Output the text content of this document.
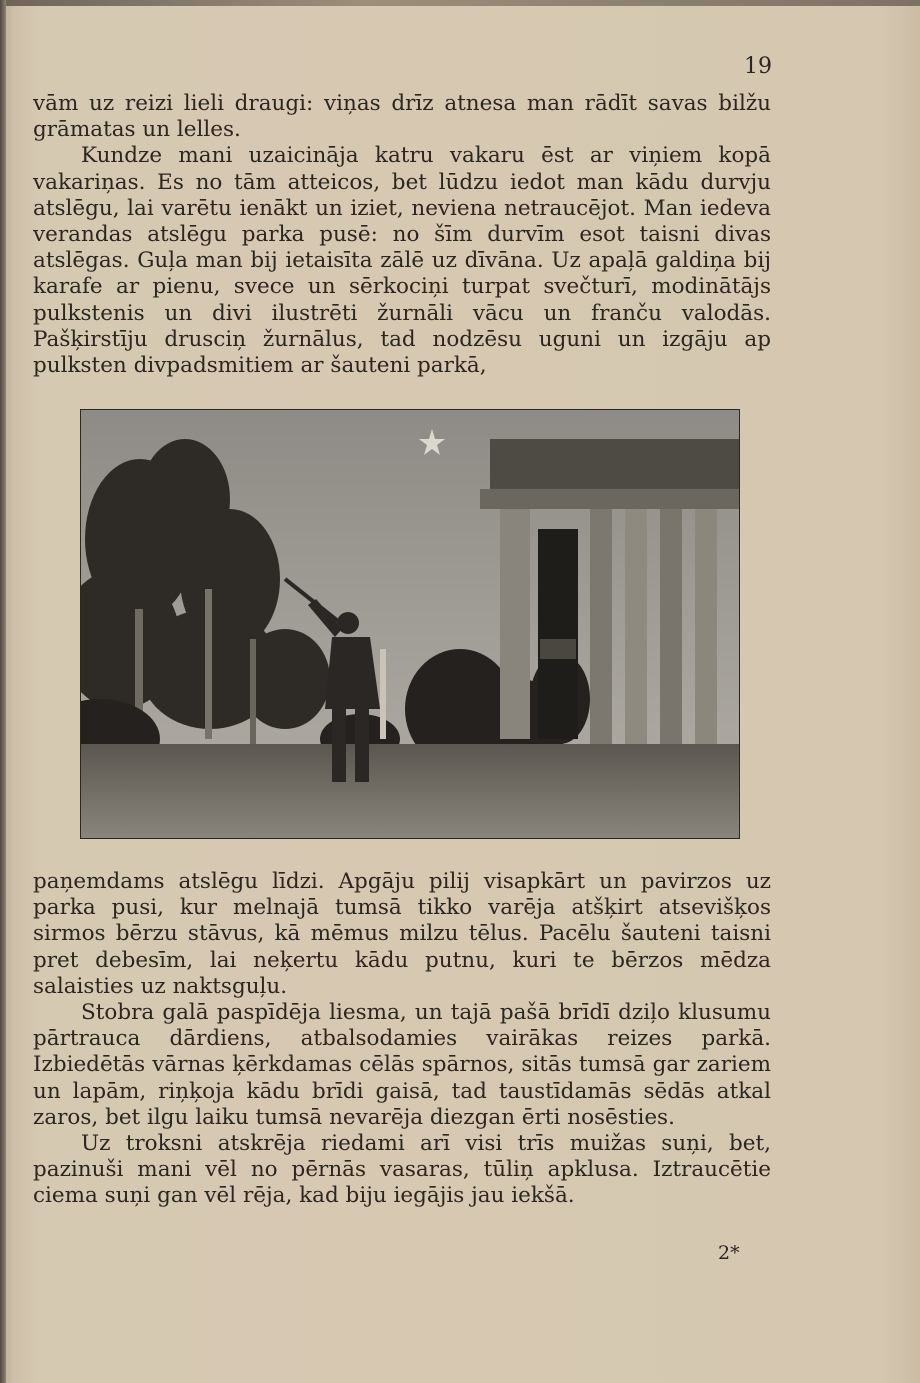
19

vām uz reizi lieli draugi: viņas drīz atnesa man rādīt savas bilžu grāmatas un lelles.

Kundze mani uzaicināja katru vakaru ēst ar viņiem kopā vakariņas. Es no tām atteicos, bet lūdzu iedot man kādu durvju atslēgu, lai varētu ienākt un iziet, nevienа netraucējot. Man iedeva verandas atslēgu parka pusē: no šīm durvīm esot taisni divas atslēgas. Guļa man bij ietaisīta zālē uz dīvāna. Uz apaļā galdiņa bij karafe ar pienu, svece un sērkociņi turpat svečturī, modinātājs pulkstenis un divi ilustrēti žurnāli vācu un franču valodās. Pašķirstīju drusciņ žurnālus, tad nodzēsu uguni un izgāju ap pulksten divpadsmitiem ar šauteni parkā,

paņemdams atslēgu līdzi. Apgāju pilij visapkārt un pavirzos uz parka pusi, kur melnajā tumsā tikko varēja atšķirt atsevišķos sirmos bērzu stāvus, kā mēmus milzu tēlus. Pacēlu šauteni taisni pret debesīm, lai neķertu kādu putnu, kuri te bērzos mēdza salaisties uz naktsguļu.

Stobra galā paspīdēja liesma, un tajā pašā brīdī dziļo klusumu pārtrauca dārdiens, atbalsodamies vairākas reizes parkā. Izbiedētās vārnas ķērkdamas cēlās spārnos, sitās tumsā gar zariem un lapām, riņķoja kādu brīdi gaisā, tad taustīdamās sēdās atkal zaros, bet ilgu laiku tumsā nevarēja diezgan ērti nosēsties.

Uz troksni atskrēja riedami arī visi trīs muižas suņi, bet, pazinuši mani vēl no pērnās vasaras, tūliņ apklusa. Iztraucētie ciema suņi gan vēl rēja, kad biju iegājis jau iekšā.

2*
